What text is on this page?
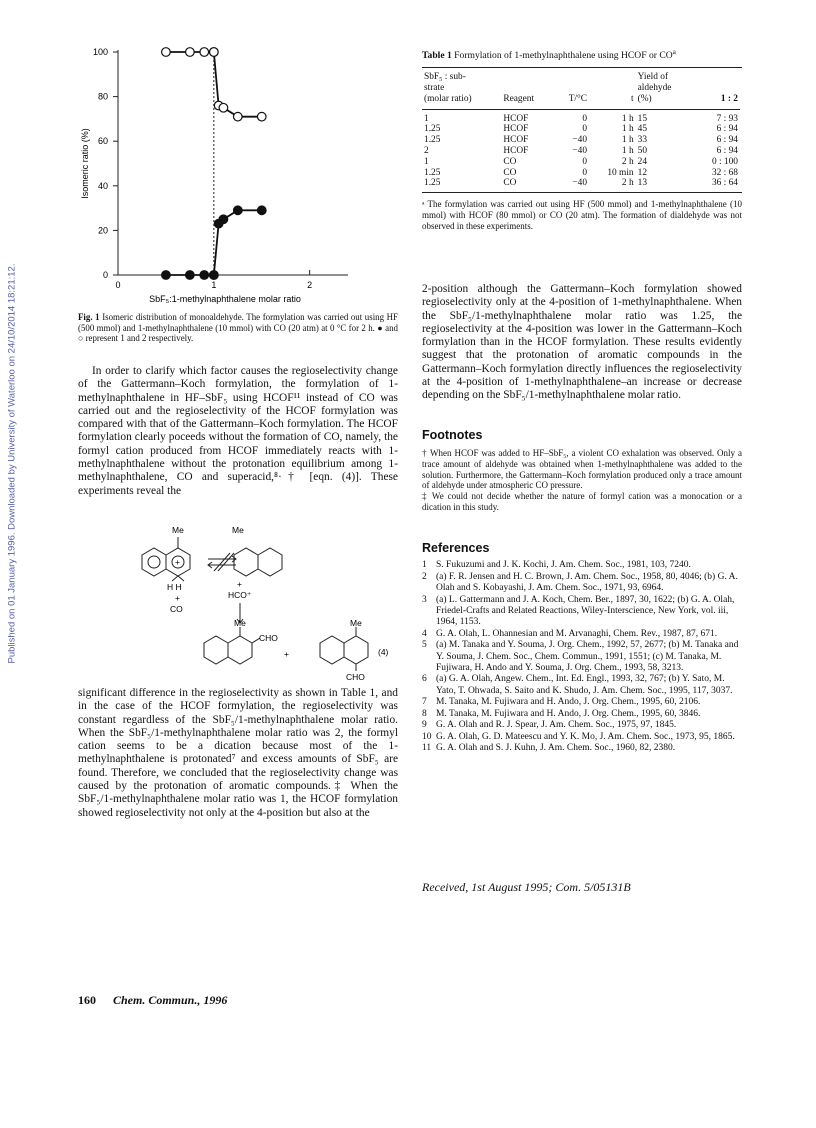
Published on 01 January 1996. Downloaded by University of Waterloo on 24/10/2014 18:21:12.	0
20
40
60
80
100
0	1	2
Isomeric ratio (%)
SbF₅:1-methylnaphthalene molar ratio
Fig. 1 Isomeric distribution of monoaldehyde. The formylation was carried out using HF (500 mmol) and 1-methylnaphthalene (10 mmol) with CO (20 atm) at 0 °C for 2 h. ● and ○ represent 1 and 2 respectively.
In order to clarify which factor causes the regioselectivity change of the Gattermann–Koch formylation, the formylation of 1-methylnaphthalene in HF–SbF₅ using HCOF¹¹ instead of CO was carried out and the regioselectivity of the HCOF formylation was compared with that of the Gattermann–Koch formylation. The HCOF formylation clearly poceeds without the formation of CO, namely, the formyl cation produced from HCOF immediately reacts with 1-methylnaphthalene without the protonation equilibrium among 1-methylnaphthalene, CO and superacid,⁸·† [eqn. (4)]. These experiments reveal the
Me
+
H H
+
CO
Me
+
HCO⁺
Me
CHO
+
Me
CHO
(4)
significant difference in the regioselectivity as shown in Table 1, and in the case of the HCOF formylation, the regioselectivity was constant regardless of the SbF₅/1-methylnaphthalene molar ratio. When the SbF₅/1-methylnaphthalene molar ratio was 2, the formyl cation seems to be a dication because most of the 1-methylnaphthalene is protonated⁷ and excess amounts of SbF₅ are found. Therefore, we concluded that the regioselectivity change was caused by the protonation of aromatic compounds.‡ When the SbF₅/1-methylnaphthalene molar ratio was 1, the HCOF formylation showed regioselectivity not only at the 4-position but also at the
Table 1 Formylation of 1-methylnaphthalene using HCOF or $CO^a$
SbF₅ : sub-
strate
(molar ratio)	Reagent	T/°C	t	Yield of
aldehyde
(%)	1 : 2
1	HCOF	0	1 h	15	7 : 93
1.25	HCOF	0	1 h	45	6 : 94
1.25	HCOF	−40	1 h	33	6 : 94
2	HCOF	−40	1 h	50	6 : 94
1	CO	0	2 h	24	0 : 100
1.25	CO	0	10 min	12	32 : 68
1.25	CO	−40	2 h	13	36 : 64
ᵃ The formylation was carried out using HF (500 mmol) and 1-methylnaphthalene (10 mmol) with HCOF (80 mmol) or CO (20 atm). The formation of dialdehyde was not observed in these experiments.
2-position although the Gattermann–Koch formylation showed regioselectivity only at the 4-position of 1-methylnaphthalene. When the SbF₅/1-methylnaphthalene molar ratio was 1.25, the regioselectivity at the 4-position was lower in the Gattermann–Koch formylation than in the HCOF formylation. These results evidently suggest that the protonation of aromatic compounds in the Gattermann–Koch formylation directly influences the regioselectivity at the 4-position of 1-methylnaphthalene–an increase or decrease depending on the SbF₅/1-methylnaphthalene molar ratio.
Footnotes
† When HCOF was added to HF–SbF₅, a violent CO exhalation was observed. Only a trace amount of aldehyde was obtained when 1-methylnaphthalene was added to the solution. Furthermore, the Gattermann–Koch formylation produced only a trace amount of aldehyde under atmospheric CO pressure.
‡ We could not decide whether the nature of formyl cation was a monocation or a dication in this study.
References
1 S. Fukuzumi and J. K. Kochi, J. Am. Chem. Soc., 1981, 103, 7240.
2 (a) F. R. Jensen and H. C. Brown, J. Am. Chem. Soc., 1958, 80, 4046; (b) G. A. Olah and S. Kobayashi, J. Am. Chem. Soc., 1971, 93, 6964.
3 (a) L. Gattermann and J. A. Koch, Chem. Ber., 1897, 30, 1622; (b) G. A. Olah, Friedel-Crafts and Related Reactions, Wiley-Interscience, New York, vol. iii, 1964, 1153.
4 G. A. Olah, L. Ohannesian and M. Arvanaghi, Chem. Rev., 1987, 87, 671.
5 (a) M. Tanaka and Y. Souma, J. Org. Chem., 1992, 57, 2677; (b) M. Tanaka and Y. Souma, J. Chem. Soc., Chem. Commun., 1991, 1551; (c) M. Tanaka, M. Fujiwara, H. Ando and Y. Souma, J. Org. Chem., 1993, 58, 3213.
6 (a) G. A. Olah, Angew. Chem., Int. Ed. Engl., 1993, 32, 767; (b) Y. Sato, M. Yato, T. Ohwada, S. Saito and K. Shudo, J. Am. Chem. Soc., 1995, 117, 3037.
7 M. Tanaka, M. Fujiwara and H. Ando, J. Org. Chem., 1995, 60, 2106.
8 M. Tanaka, M. Fujiwara and H. Ando, J. Org. Chem., 1995, 60, 3846.
9 G. A. Olah and R. J. Spear, J. Am. Chem. Soc., 1975, 97, 1845.
10 G. A. Olah, G. D. Mateescu and Y. K. Mo, J. Am. Chem. Soc., 1973, 95, 1865.
11 G. A. Olah and S. J. Kuhn, J. Am. Chem. Soc., 1960, 82, 2380.
Received, 1st August 1995; Com. 5/05131B
160 Chem. Commun., 1996
